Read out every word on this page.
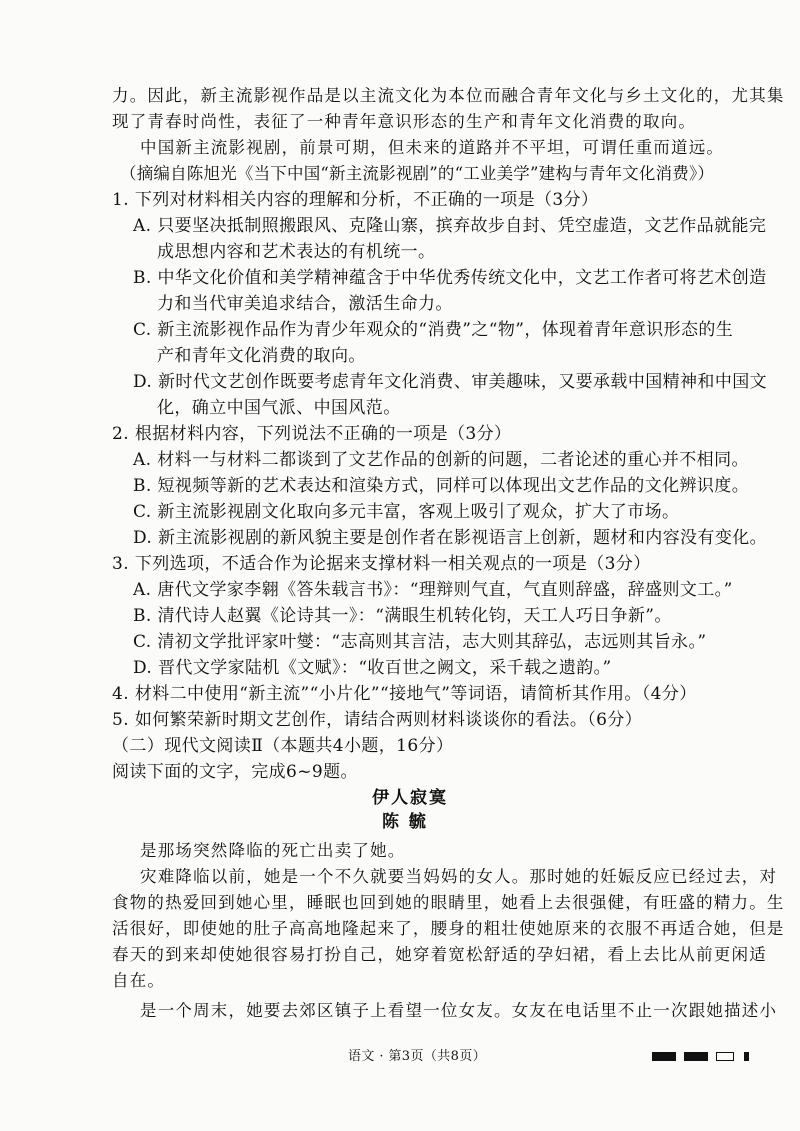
力。因此，新主流影视作品是以主流文化为本位而融合青年文化与乡土文化的，尤其集
现了青春时尚性，表征了一种青年意识形态的生产和青年文化消费的取向。
中国新主流影视剧，前景可期，但未来的道路并不平坦，可谓任重而道远。
（摘编自陈旭光《当下中国“新主流影视剧”的“工业美学”建构与青年文化消费》）
1. 下列对材料相关内容的理解和分析，不正确的一项是（3分）
A. 只要坚决抵制照搬跟风、克隆山寨，摈弃故步自封、凭空虚造，文艺作品就能完
成思想内容和艺术表达的有机统一。
B. 中华文化价值和美学精神蕴含于中华优秀传统文化中，文艺工作者可将艺术创造
力和当代审美追求结合，激活生命力。
C. 新主流影视作品作为青少年观众的“消费”之“物”，体现着青年意识形态的生
产和青年文化消费的取向。
D. 新时代文艺创作既要考虑青年文化消费、审美趣味，又要承载中国精神和中国文
化，确立中国气派、中国风范。
2. 根据材料内容，下列说法不正确的一项是（3分）
A. 材料一与材料二都谈到了文艺作品的创新的问题，二者论述的重心并不相同。
B. 短视频等新的艺术表达和渲染方式，同样可以体现出文艺作品的文化辨识度。
C. 新主流影视剧文化取向多元丰富，客观上吸引了观众，扩大了市场。
D. 新主流影视剧的新风貌主要是创作者在影视语言上创新，题材和内容没有变化。
3. 下列选项，不适合作为论据来支撑材料一相关观点的一项是（3分）
A. 唐代文学家李翱《答朱载言书》：“理辩则气直，气直则辞盛，辞盛则文工。”
B. 清代诗人赵翼《论诗其一》：“满眼生机转化钧，天工人巧日争新”。
C. 清初文学批评家叶燮：“志高则其言洁，志大则其辞弘，志远则其旨永。”
D. 晋代文学家陆机《文赋》：“收百世之阙文，采千载之遗韵。”
4. 材料二中使用“新主流”“小片化”“接地气”等词语，请简析其作用。（4分）
5. 如何繁荣新时期文艺创作，请结合两则材料谈谈你的看法。（6分）
（二）现代文阅读Ⅱ（本题共4小题，16分）
阅读下面的文字，完成6~9题。
伊人寂寞
陈 毓
是那场突然降临的死亡出卖了她。
灾难降临以前，她是一个不久就要当妈妈的女人。那时她的妊娠反应已经过去，对
食物的热爱回到她心里，睡眠也回到她的眼睛里，她看上去很强健，有旺盛的精力。生
活很好，即使她的肚子高高地隆起来了，腰身的粗壮使她原来的衣服不再适合她，但是
春天的到来却使她很容易打扮自己，她穿着宽松舒适的孕妇裙，看上去比从前更闲适
自在。
是一个周末，她要去郊区镇子上看望一位女友。女友在电话里不止一次跟她描述小
语文 · 第3页（共8页）
